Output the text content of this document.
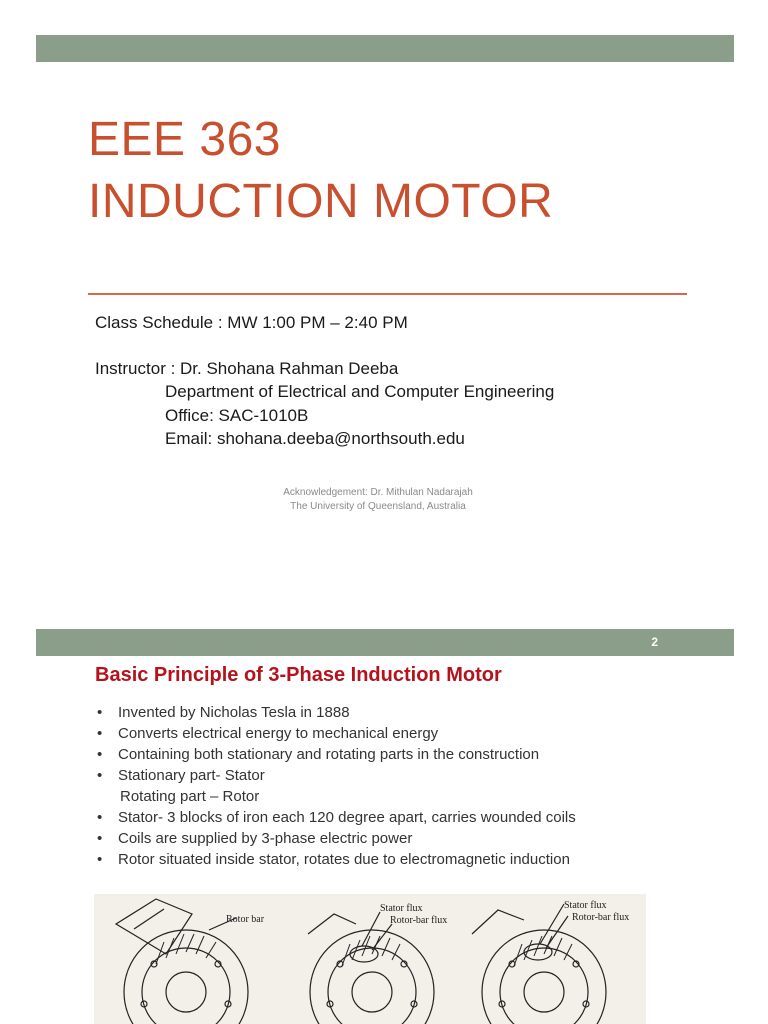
EEE 363
INDUCTION MOTOR
Class Schedule : MW 1:00 PM – 2:40 PM
Instructor : Dr. Shohana Rahman Deeba
Department of Electrical and Computer Engineering
Office: SAC-1010B
Email: shohana.deeba@northsouth.edu
Acknowledgement: Dr. Mithulan Nadarajah
The University of Queensland, Australia
2
Basic Principle of 3-Phase Induction Motor
• Invented by Nicholas Tesla in 1888
• Converts electrical energy to mechanical energy
• Containing both stationary and rotating parts in the construction
• Stationary part- Stator
Rotating part – Rotor
• Stator- 3 blocks of iron each 120 degree apart, carries wounded coils
• Coils are supplied by 3-phase electric power
• Rotor situated inside stator, rotates due to electromagnetic induction
Rotor bar
Stator flux
Rotor-bar flux
Stator flux
Rotor-bar flux
